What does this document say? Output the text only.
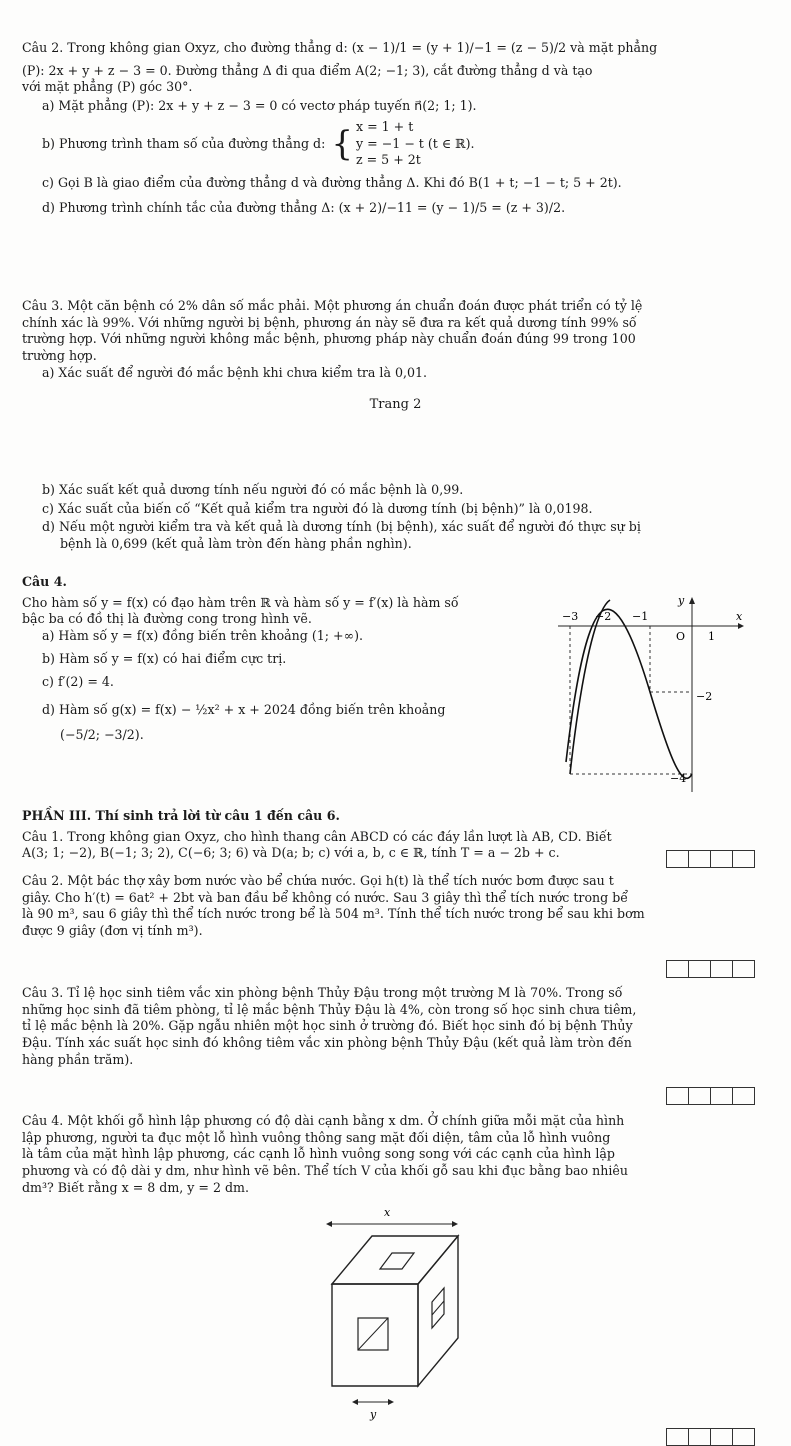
Câu 2. Trong không gian Oxyz, cho đường thẳng d: (x − 1)/1 = (y + 1)/−1 = (z − 5)/2 và mặt phẳng

(P): 2x + y + z − 3 = 0. Đường thẳng Δ đi qua điểm A(2; −1; 3), cắt đường thẳng d và tạo

với mặt phẳng (P) góc 30°.

a) Mặt phẳng (P): 2x + y + z − 3 = 0 có vectơ pháp tuyến n⃗(2; 1; 1).

b) Phương trình tham số của đường thẳng d: { x = 1 + t

y = −1 − t (t ∈ ℝ).

z = 5 + 2t

c) Gọi B là giao điểm của đường thẳng d và đường thẳng Δ. Khi đó B(1 + t; −1 − t; 5 + 2t).

d) Phương trình chính tắc của đường thẳng Δ: (x + 2)/−11 = (y − 1)/5 = (z + 3)/2.

Câu 3. Một căn bệnh có 2% dân số mắc phải. Một phương án chuẩn đoán được phát triển có tỷ lệ

chính xác là 99%. Với những người bị bệnh, phương án này sẽ đưa ra kết quả dương tính 99% số

trường hợp. Với những người không mắc bệnh, phương pháp này chuẩn đoán đúng 99 trong 100

trường hợp.

a) Xác suất để người đó mắc bệnh khi chưa kiểm tra là 0,01.

Trang 2

b) Xác suất kết quả dương tính nếu người đó có mắc bệnh là 0,99.

c) Xác suất của biến cố “Kết quả kiểm tra người đó là dương tính (bị bệnh)” là 0,0198.

d) Nếu một người kiểm tra và kết quả là dương tính (bị bệnh), xác suất để người đó thực sự bị

bệnh là 0,699 (kết quả làm tròn đến hàng phần nghìn).

Câu 4.

Cho hàm số y = f(x) có đạo hàm trên ℝ và hàm số y = f′(x) là hàm số

bậc ba có đồ thị là đường cong trong hình vẽ.

a) Hàm số y = f(x) đồng biến trên khoảng (1; +∞).

b) Hàm số y = f(x) có hai điểm cực trị.

c) f′(2) = 4.

d) Hàm số g(x) = f(x) − ½x² + x + 2024 đồng biến trên khoảng

(−5/2; −3/2).

y
x
O
−3 −2 −1
1
−2
−4

PHẦN III. Thí sinh trả lời từ câu 1 đến câu 6.

Câu 1. Trong không gian Oxyz, cho hình thang cân ABCD có các đáy lần lượt là AB, CD. Biết

A(3; 1; −2), B(−1; 3; 2), C(−6; 3; 6) và D(a; b; c) với a, b, c ∈ ℝ, tính T = a − 2b + c.

Câu 2. Một bác thợ xây bơm nước vào bể chứa nước. Gọi h(t) là thể tích nước bơm được sau t

giây. Cho h′(t) = 6at² + 2bt và ban đầu bể không có nước. Sau 3 giây thì thể tích nước trong bể

là 90 m³, sau 6 giây thì thể tích nước trong bể là 504 m³. Tính thể tích nước trong bể sau khi bơm

được 9 giây (đơn vị tính m³).

Câu 3. Tỉ lệ học sinh tiêm vắc xin phòng bệnh Thủy Đậu trong một trường M là 70%. Trong số

những học sinh đã tiêm phòng, tỉ lệ mắc bệnh Thủy Đậu là 4%, còn trong số học sinh chưa tiêm,

tỉ lệ mắc bệnh là 20%. Gặp ngẫu nhiên một học sinh ở trường đó. Biết học sinh đó bị bệnh Thủy

Đậu. Tính xác suất học sinh đó không tiêm vắc xin phòng bệnh Thủy Đậu (kết quả làm tròn đến

hàng phần trăm).

Câu 4. Một khối gỗ hình lập phương có độ dài cạnh bằng x dm. Ở chính giữa mỗi mặt của hình

lập phương, người ta đục một lỗ hình vuông thông sang mặt đối diện, tâm của lỗ hình vuông

là tâm của mặt hình lập phương, các cạnh lỗ hình vuông song song với các cạnh của hình lập

phương và có độ dài y dm, như hình vẽ bên. Thể tích V của khối gỗ sau khi đục bằng bao nhiêu

dm³? Biết rằng x = 8 dm, y = 2 dm.

x
y
